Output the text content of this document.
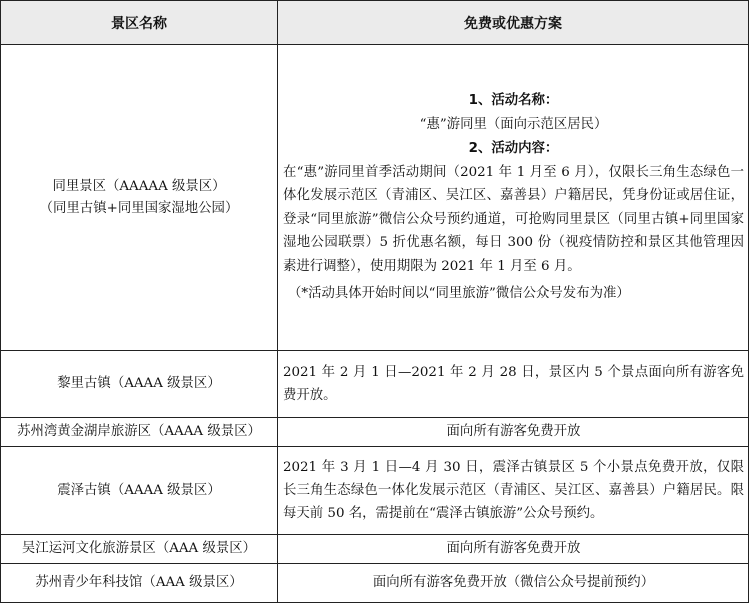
景区名称	免费或优惠方案

同里景区（AAAAA 级景区）
（同里古镇+同里国家湿地公园）	1、活动名称：
“惠”游同里（面向示范区居民）
2、活动内容：
在“惠”游同里首季活动期间（2021 年 1 月至 6 月），仅限长三角生态绿色一体化发展示范区（青浦区、吴江区、嘉善县）户籍居民，凭身份证或居住证，登录“同里旅游”微信公众号预约通道，可抢购同里景区（同里古镇+同里国家湿地公园联票）5 折优惠名额，每日 300 份（视疫情防控和景区其他管理因素进行调整），使用期限为 2021 年 1 月至 6 月。
（*活动具体开始时间以“同里旅游”微信公众号发布为准）

黎里古镇（AAAA 级景区）	2021 年 2 月 1 日—2021 年 2 月 28 日，景区内 5 个景点面向所有游客免费开放。

苏州湾黄金湖岸旅游区（AAAA 级景区）	面向所有游客免费开放

震泽古镇（AAAA 级景区）	2021 年 3 月 1 日—4 月 30 日，震泽古镇景区 5 个小景点免费开放，仅限长三角生态绿色一体化发展示范区（青浦区、吴江区、嘉善县）户籍居民。限每天前 50 名，需提前在“震泽古镇旅游”公众号预约。

吴江运河文化旅游景区（AAA 级景区）	面向所有游客免费开放

苏州青少年科技馆（AAA 级景区）	面向所有游客免费开放（微信公众号提前预约）
